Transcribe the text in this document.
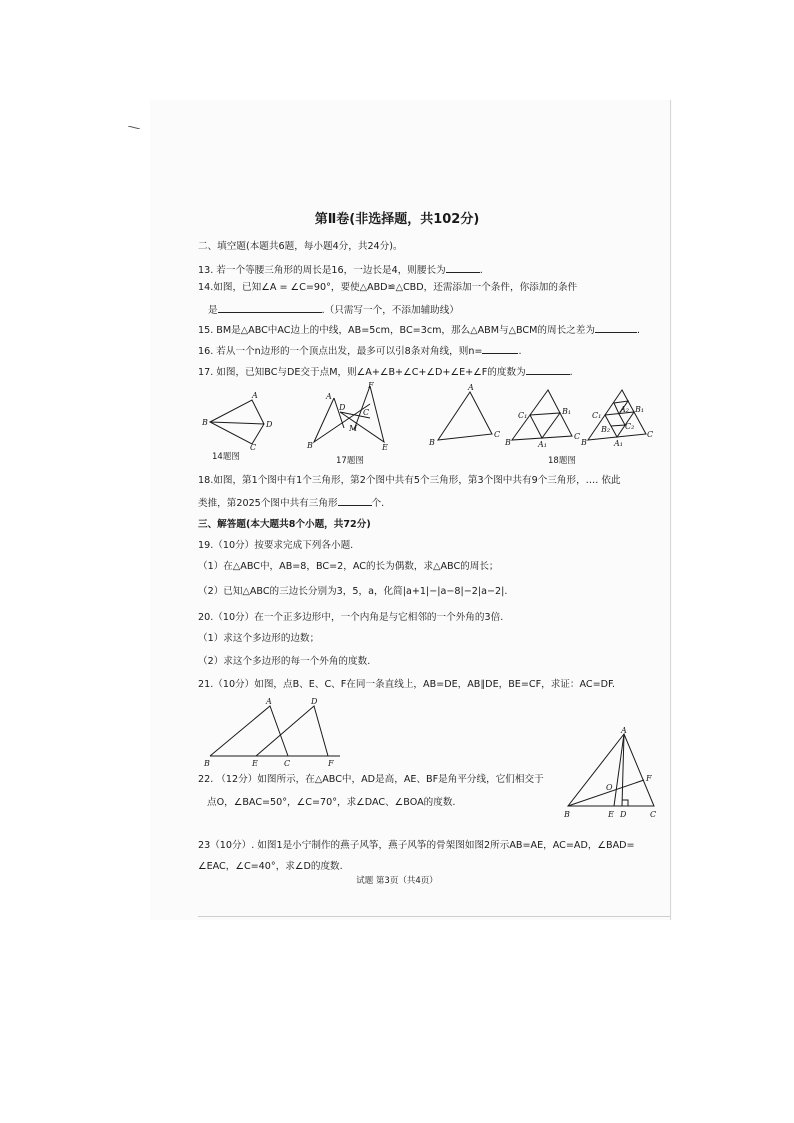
第Ⅱ卷(非选择题，共102分)
二、填空题(本题共6题，每小题4分，共24分)。
13. 若一个等腰三角形的周长是16，一边长是4，则腰长为	.
14.如图，已知∠A = ∠C=90°，要使△ABD≌△CBD，还需添加一个条件，你添加的条件
是	.（只需写一个，不添加辅助线）
15. BM是△ABC中AC边上的中线，AB=5cm，BC=3cm，那么△ABM与△BCM的周长之差为	.
16. 若从一个n边形的一个顶点出发，最多可以引8条对角线，则n=	.
17. 如图，已知BC与DE交于点M，则∠A+∠B+∠C+∠D+∠E+∠F的度数为	.
A
B	D
C
14题图
F
A
D
C
M
B	E
17题图
A
B
C
C₁	B₁
B	A₁
C
C₁
A₂ B₁
B₂ C₂
B	A₁
C
18题图
18.如图，第1个图中有1个三角形，第2个图中共有5个三角形，第3个图中共有9个三角形，…. 依此
类推，第2025个图中共有三角形	个.
三、解答题(本大题共8个小题，共72分)
19.（10分）按要求完成下列各小题.
（1）在△ABC中，AB=8，BC=2，AC的长为偶数，求△ABC的周长；
（2）已知△ABC的三边长分别为3，5，a，化简|a+1|−|a−8|−2|a−2|.
20.（10分）在一个正多边形中，一个内角是与它相邻的一个外角的3倍.
（1）求这个多边形的边数；
（2）求这个多边形的每一个外角的度数.
21.（10分）如图，点B、E、C、F在同一条直线上，AB=DE，AB∥DE，BE=CF，求证：AC=DF.
A	D
B	E	C	F
22. （12分）如图所示，在△ABC中，AD是高，AE、BF是角平分线，它们相交于
点O，∠BAC=50°，∠C=70°，求∠DAC、∠BOA的度数.
A
F
O
B	E D	C
23（10分）. 如图1是小宁制作的燕子风筝，燕子风筝的骨架图如图2所示AB=AE，AC=AD，∠BAD=
∠EAC，∠C=40°，求∠D的度数.
试题 第3页（共4页）
